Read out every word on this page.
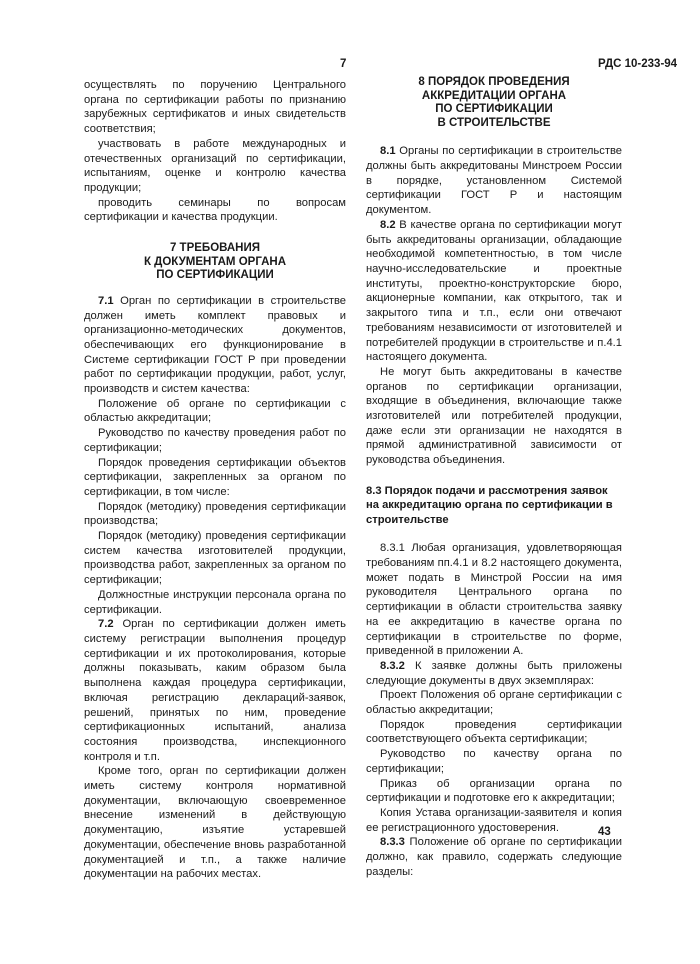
7	РДС 10-233-94

осуществлять по поручению Центрального органа по сертификации работы по признанию зарубежных сертификатов и иных свидетельств соответствия;

участвовать в работе международных и отечественных организаций по сертификации, испытаниям, оценке и контролю качества продукции;

проводить семинары по вопросам сертификации и качества продукции.

7 ТРЕБОВАНИЯ
К ДОКУМЕНТАМ ОРГАНА
ПО СЕРТИФИКАЦИИ

7.1 Орган по сертификации в строительстве должен иметь комплект правовых и организационно-методических документов, обеспечивающих его функционирование в Системе сертификации ГОСТ Р при проведении работ по сертификации продукции, работ, услуг, производств и систем качества:

Положение об органе по сертификации с областью аккредитации;

Руководство по качеству проведения работ по сертификации;

Порядок проведения сертификации объектов сертификации, закрепленных за органом по сертификации, в том числе:

Порядок (методику) проведения сертификации производства;

Порядок (методику) проведения сертификации систем качества изготовителей продукции, производства работ, закрепленных за органом по сертификации;

Должностные инструкции персонала органа по сертификации.

7.2 Орган по сертификации должен иметь систему регистрации выполнения процедур сертификации и их протоколирования, которые должны показывать, каким образом была выполнена каждая процедура сертификации, включая регистрацию деклараций-заявок, решений, принятых по ним, проведение сертификационных испытаний, анализа состояния производства, инспекционного контроля и т.п.

Кроме того, орган по сертификации должен иметь систему контроля нормативной документации, включающую своевременное внесение изменений в действующую документацию, изъятие устаревшей документации, обеспечение вновь разработанной документацией и т.п., а также наличие документации на рабочих местах.

8 ПОРЯДОК ПРОВЕДЕНИЯ
АККРЕДИТАЦИИ ОРГАНА
ПО СЕРТИФИКАЦИИ
В СТРОИТЕЛЬСТВЕ

8.1 Органы по сертификации в строительстве должны быть аккредитованы Минстроем России в порядке, установленном Системой сертификации ГОСТ Р и настоящим документом.

8.2 В качестве органа по сертификации могут быть аккредитованы организации, обладающие необходимой компетентностью, в том числе научно-исследовательские и проектные институты, проектно-конструкторские бюро, акционерные компании, как открытого, так и закрытого типа и т.п., если они отвечают требованиям независимости от изготовителей и потребителей продукции в строительстве и п.4.1 настоящего документа.

Не могут быть аккредитованы в качестве органов по сертификации организации, входящие в объединения, включающие также изготовителей или потребителей продукции, даже если эти организации не находятся в прямой административной зависимости от руководства объединения.

8.3 Порядок подачи и рассмотрения заявок на аккредитацию органа по сертификации в строительстве

8.3.1 Любая организация, удовлетворяющая требованиям пп.4.1 и 8.2 настоящего документа, может подать в Минстрой России на имя руководителя Центрального органа по сертификации в области строительства заявку на ее аккредитацию в качестве органа по сертификации в строительстве по форме, приведенной в приложении А.

8.3.2 К заявке должны быть приложены следующие документы в двух экземплярах:

Проект Положения об органе сертификации с областью аккредитации;

Порядок проведения сертификации соответствующего объекта сертификации;

Руководство по качеству органа по сертификации;

Приказ об организации органа по сертификации и подготовке его к аккредитации;

Копия Устава организации-заявителя и копия ее регистрационного удостоверения.

8.3.3 Положение об органе по сертификации должно, как правило, содержать следующие разделы:

43
